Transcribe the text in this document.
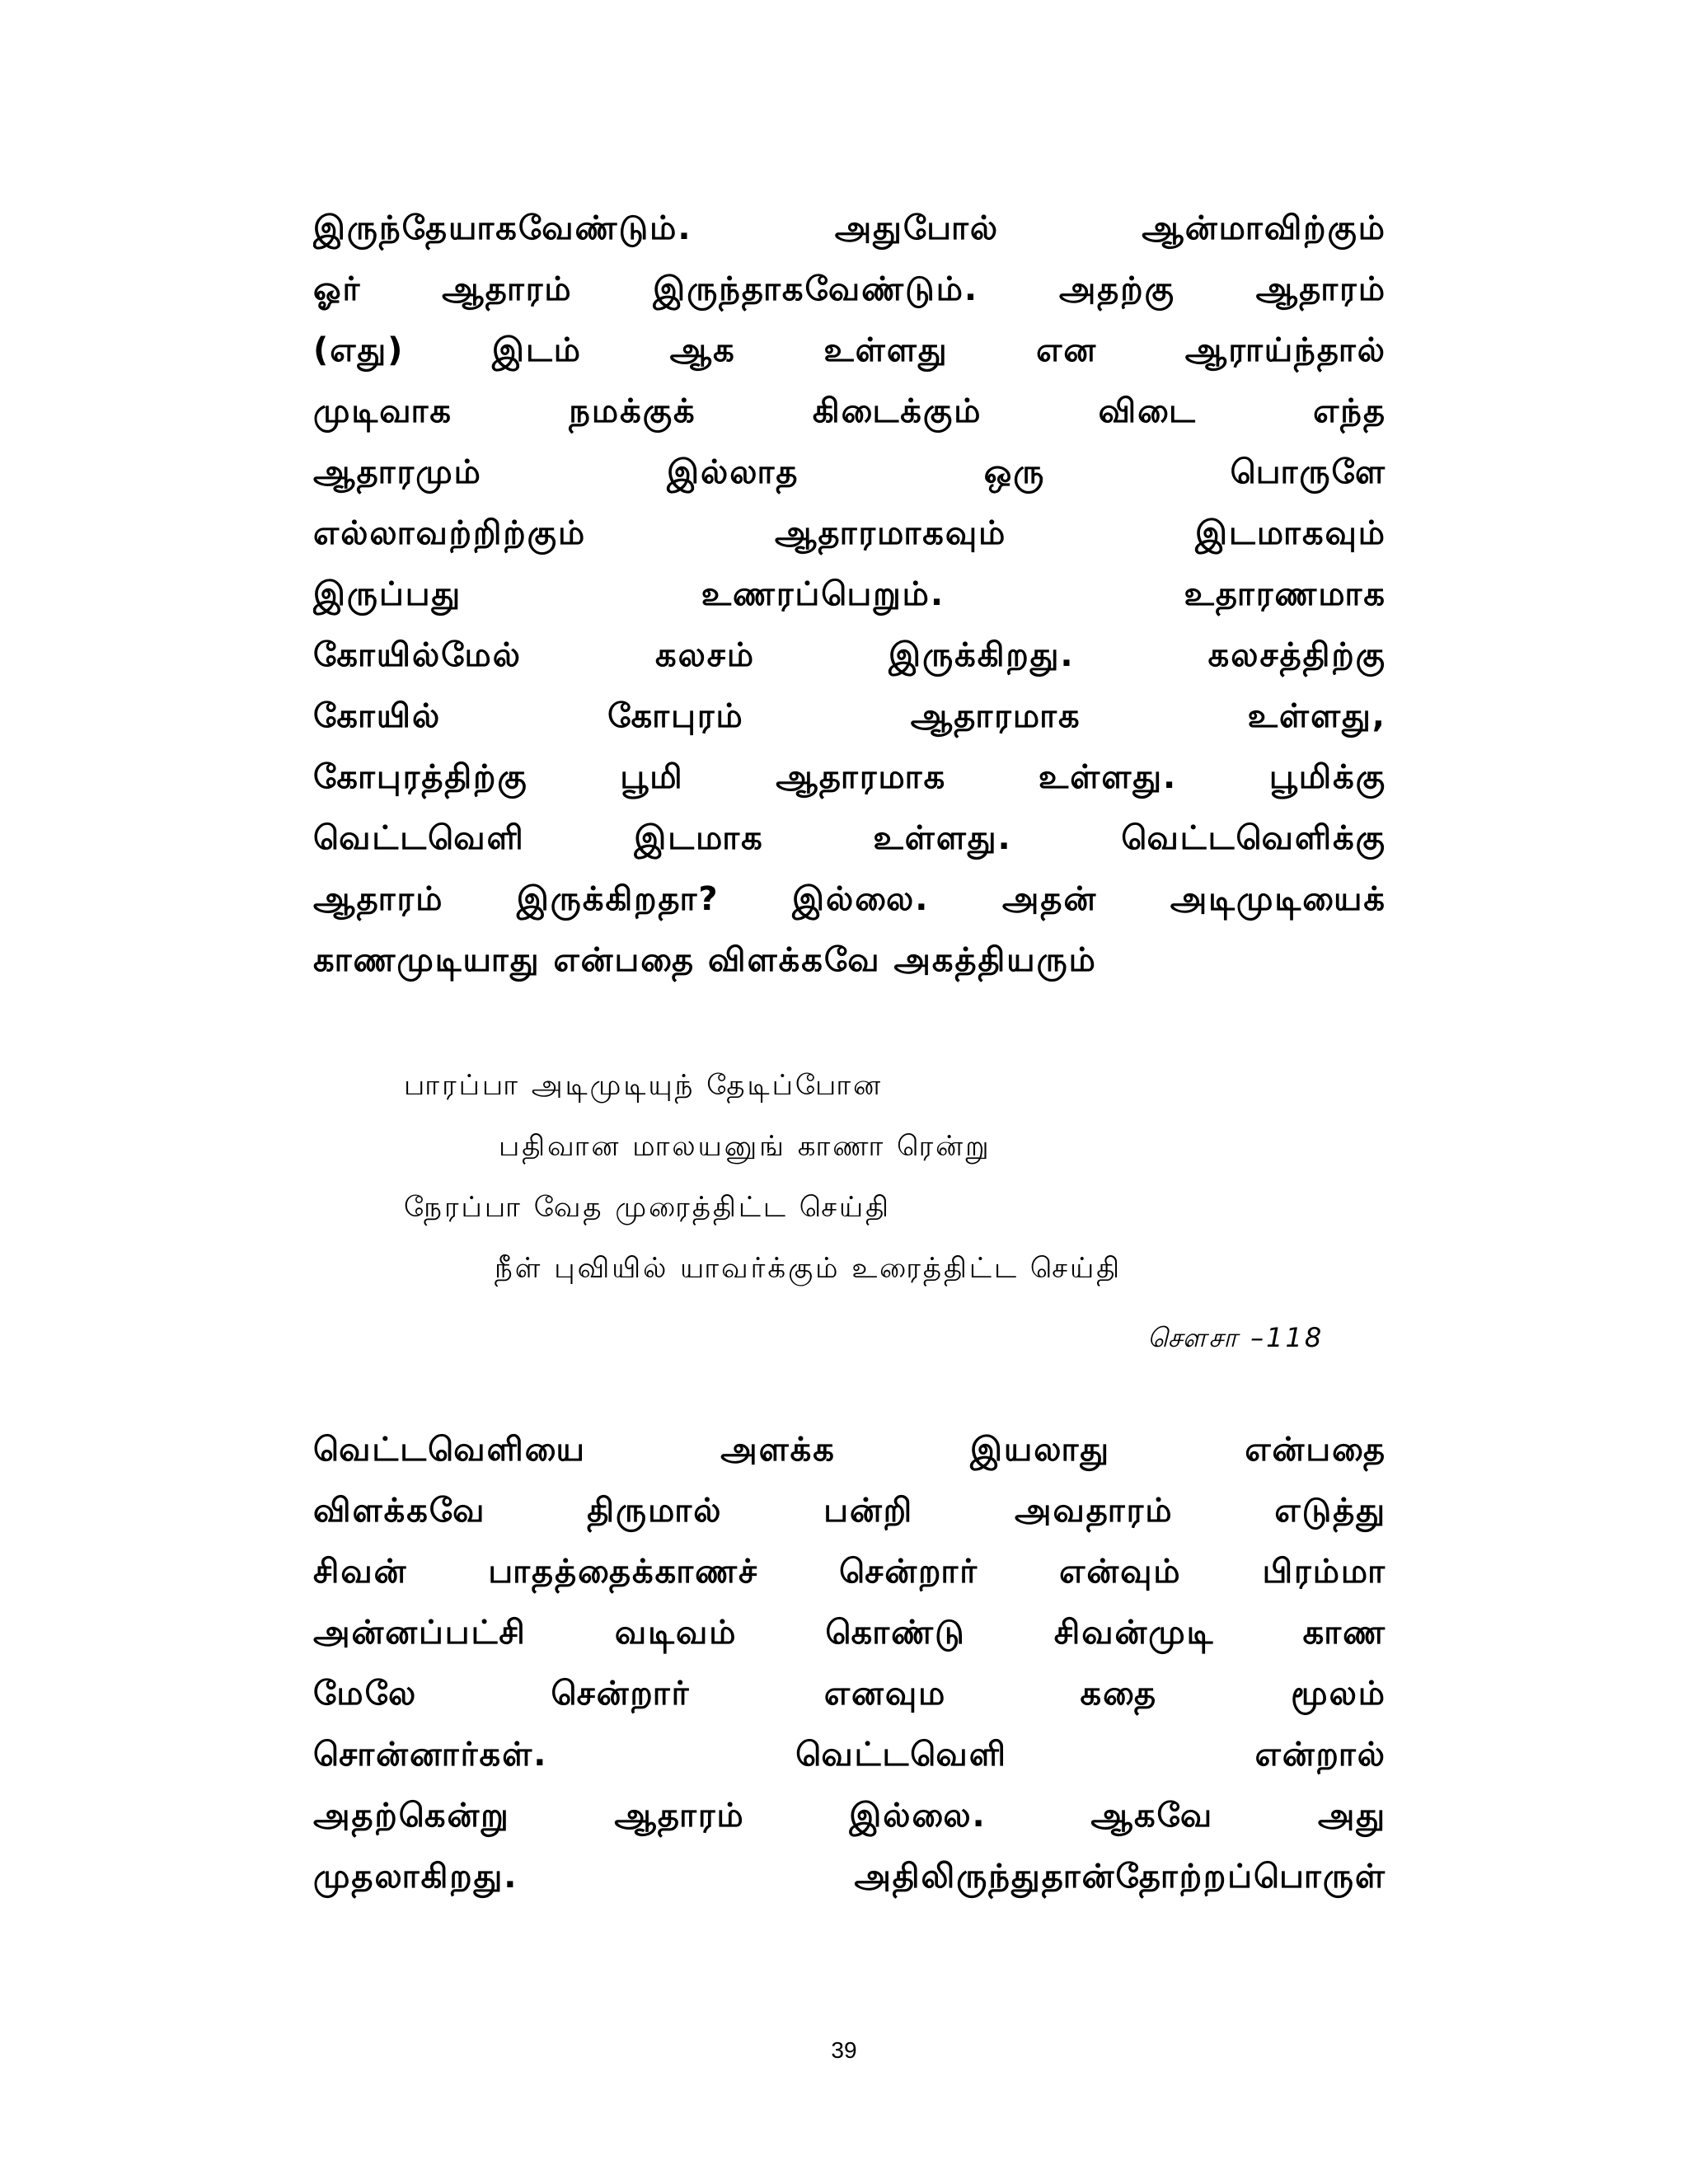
இருந்தேயாகவேண்டும். அதுபோல் ஆன்மாவிற்கும்
ஓர் ஆதாரம் இருந்தாகவேண்டும். அதற்கு ஆதாரம்
(எது) இடம் ஆக உள்ளது என ஆராய்ந்தால்
முடிவாக நமக்குக் கிடைக்கும் விடை எந்த
ஆதாரமும் இல்லாத ஒரு பொருளே
எல்லாவற்றிற்கும் ஆதாரமாகவும் இடமாகவும்
இருப்பது உணரப்பெறும். உதாரணமாக
கோயில்மேல் கலசம் இருக்கிறது. கலசத்திற்கு
கோயில் கோபுரம் ஆதாரமாக உள்ளது,
கோபுரத்திற்கு பூமி ஆதாரமாக உள்ளது. பூமிக்கு
வெட்டவெளி இடமாக உள்ளது. வெட்டவெளிக்கு
ஆதாரம் இருக்கிறதா? இல்லை. அதன் அடிமுடியைக்
காணமுடியாது என்பதை விளக்கவே அகத்தியரும்
பாரப்பா அடிமுடியுந் தேடிப்போன
பதிவான மாலயனுங் காணா ரென்று
நேரப்பா வேத முரைத்திட்ட செய்தி
நீள் புவியில் யாவர்க்கும் உரைத்திட்ட செய்தி
சௌசா –118
வெட்டவெளியை அளக்க இயலாது என்பதை
விளக்கவே திருமால் பன்றி அவதாரம் எடுத்து
சிவன் பாதத்தைக்காணச் சென்றார் என்வும் பிரம்மா
அன்னப்பட்சி வடிவம் கொண்டு சிவன்முடி காண
மேலே சென்றார் எனவும கதை மூலம்
சொன்னார்கள். வெட்டவெளி என்றால்
அதற்கென்று ஆதாரம் இல்லை. ஆகவே அது
முதலாகிறது. அதிலிருந்துதான்தோற்றப்பொருள்
39
